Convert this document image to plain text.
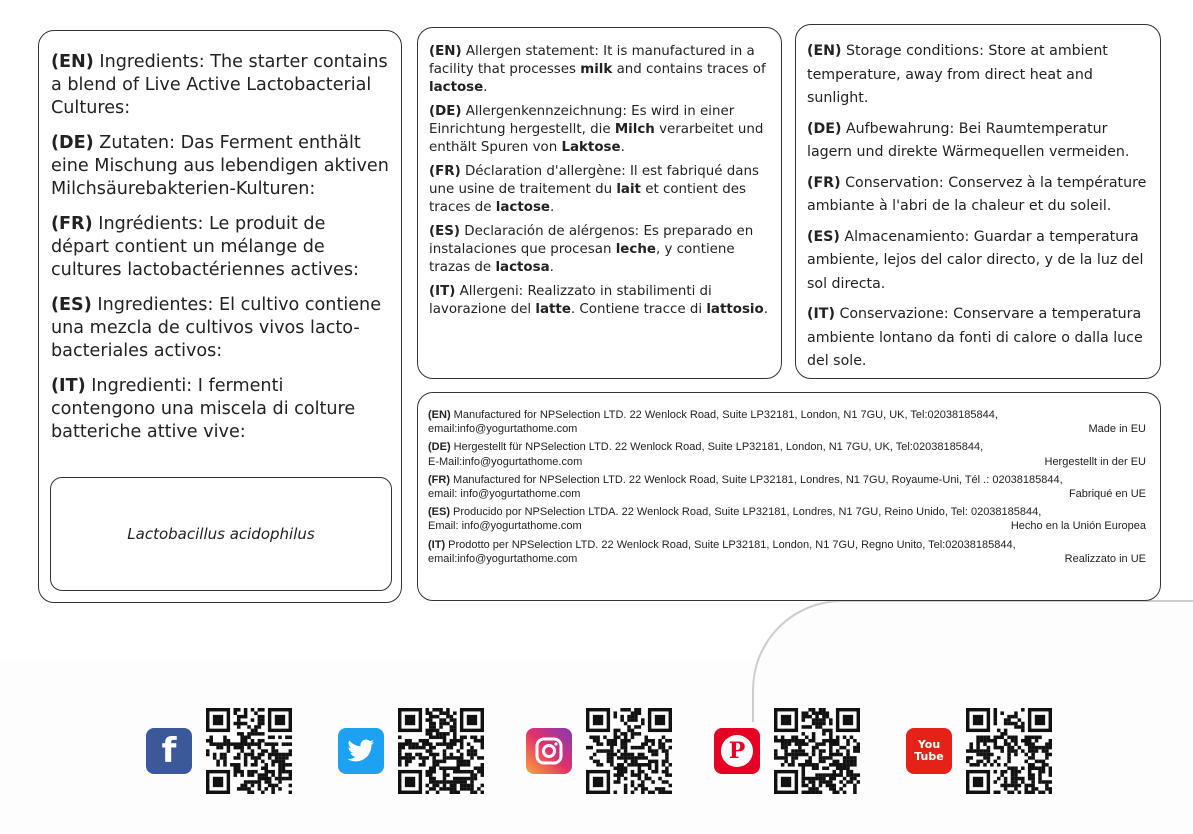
(EN) Ingredients: The starter contains a blend of Live Active Lactobacterial Cultures:

(DE) Zutaten: Das Ferment enthält eine Mischung aus lebendigen aktiven Milchsäurebakterien-Kulturen:

(FR) Ingrédients: Le produit de départ contient un mélange de cultures lactobactériennes actives:

(ES) Ingredientes: El cultivo contiene una mezcla de cultivos vivos lacto-bacteriales activos:

(IT) Ingredienti: I fermenti contengono una miscela di colture batteriche attive vive:

Lactobacillus acidophilus

(EN) Allergen statement: It is manufactured in a facility that processes milk and contains traces of lactose.

(DE) Allergenkennzeichnung: Es wird in einer Einrichtung hergestellt, die Milch verarbeitet und enthält Spuren von Laktose.

(FR) Déclaration d'allergène: Il est fabriqué dans une usine de traitement du lait et contient des traces de lactose.

(ES) Declaración de alérgenos: Es preparado en instalaciones que procesan leche, y contiene trazas de lactosa.

(IT) Allergeni: Realizzato in stabilimenti di lavorazione del latte. Contiene tracce di lattosio.

(EN) Storage conditions: Store at ambient temperature, away from direct heat and sunlight.

(DE) Aufbewahrung: Bei Raumtemperatur lagern und direkte Wärmequellen vermeiden.

(FR) Conservation: Conservez à la température ambiante à l'abri de la chaleur et du soleil.

(ES) Almacenamiento: Guardar a temperatura ambiente, lejos del calor directo, y de la luz del sol directa.

(IT) Conservazione: Conservare a temperatura ambiente lontano da fonti di calore o dalla luce del sole.

(EN) Manufactured for NPSelection LTD. 22 Wenlock Road, Suite LP32181, London, N1 7GU, UK, Tel:02038185844,
email:info@yogurtathome.com	Made in EU
(DE) Hergestellt für NPSelection LTD. 22 Wenlock Road, Suite LP32181, London, N1 7GU, UK, Tel:02038185844,
E-Mail:info@yogurtathome.com	Hergestellt in der EU
(FR) Manufactured for NPSelection LTD. 22 Wenlock Road, Suite LP32181, Londres, N1 7GU, Royaume-Uni, Tél .: 02038185844,
email: info@yogurtathome.com	Fabriqué en UE
(ES) Producido por NPSelection LTDA. 22 Wenlock Road, Suite LP32181, Londres, N1 7GU, Reino Unido, Tel: 02038185844,
Email: info@yogurtathome.com	Hecho en la Unión Europea
(IT) Prodotto per NPSelection LTD. 22 Wenlock Road, Suite LP32181, London, N1 7GU, Regno Unito, Tel:02038185844,
email:info@yogurtathome.com	Realizzato in UE
f	P	You Tube
